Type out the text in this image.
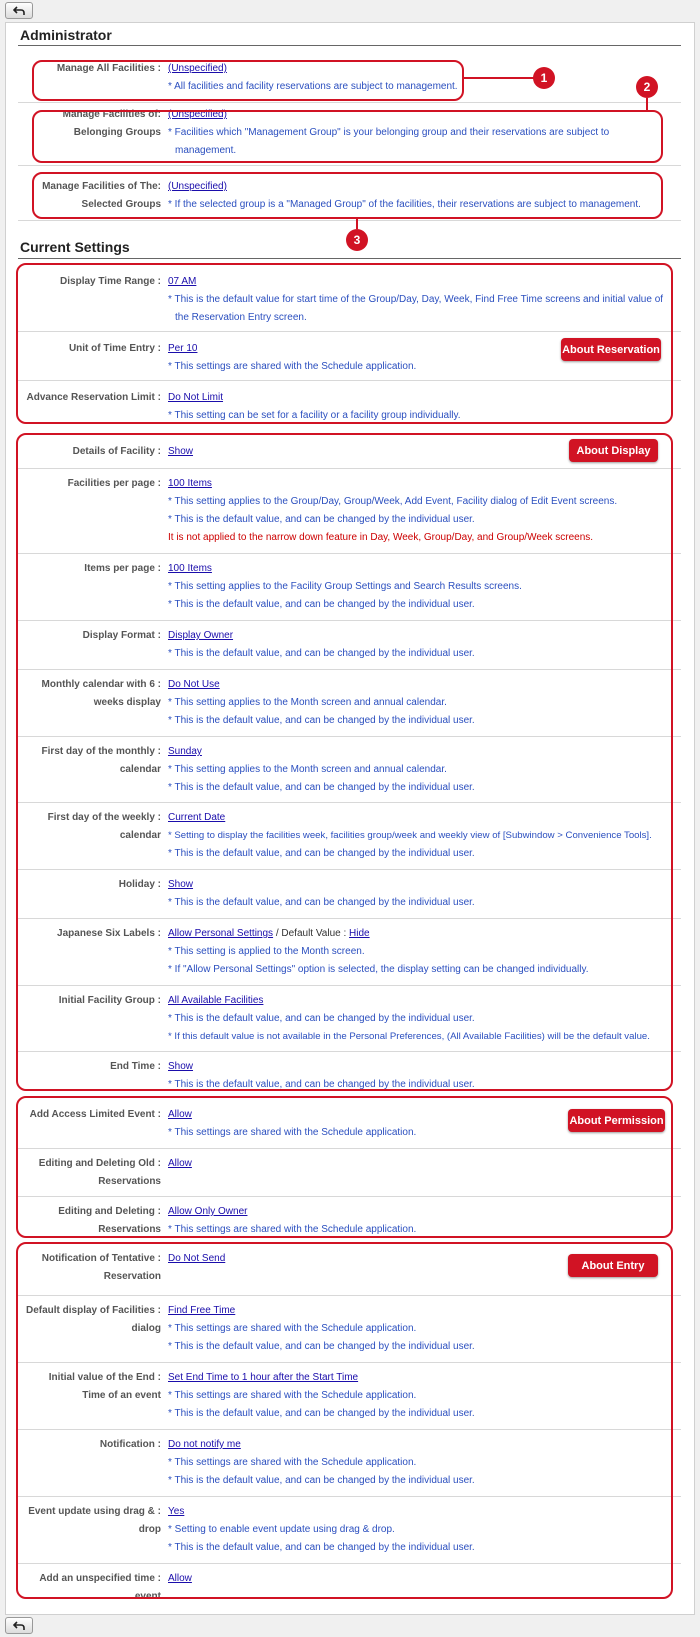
Administrator
Manage All Facilities : (Unspecified)
* All facilities and facility reservations are subject to management.
Manage Facilities of:
Belonging Groups
(Unspecified)
* Facilities which "Management Group" is your belonging group and their reservations are subject to
management.
Manage Facilities of The:
Selected Groups
(Unspecified)
* If the selected group is a "Managed Group" of the facilities, their reservations are subject to management.
1
2
3
Current Settings
Display Time Range : 07 AM
* This is the default value for start time of the Group/Day, Day, Week, Find Free Time screens and initial value of
the Reservation Entry screen.
Unit of Time Entry : Per 10
* This settings are shared with the Schedule application.
Advance Reservation Limit : Do Not Limit
* This setting can be set for a facility or a facility group individually.
About Reservation
Details of Facility : Show
Facilities per page : 100 Items
* This setting applies to the Group/Day, Group/Week, Add Event, Facility dialog of Edit Event screens.
* This is the default value, and can be changed by the individual user.
It is not applied to the narrow down feature in Day, Week, Group/Day, and Group/Week screens.
Items per page : 100 Items
* This setting applies to the Facility Group Settings and Search Results screens.
* This is the default value, and can be changed by the individual user.
Display Format : Display Owner
* This is the default value, and can be changed by the individual user.
Monthly calendar with 6 :
weeks display
Do Not Use
* This setting applies to the Month screen and annual calendar.
* This is the default value, and can be changed by the individual user.
First day of the monthly :
calendar
Sunday
* This setting applies to the Month screen and annual calendar.
* This is the default value, and can be changed by the individual user.
First day of the weekly :
calendar
Current Date
* Setting to display the facilities week, facilities group/week and weekly view of [Subwindow > Convenience Tools].
* This is the default value, and can be changed by the individual user.
Holiday : Show
* This is the default value, and can be changed by the individual user.
Japanese Six Labels : Allow Personal Settings / Default Value : Hide
* This setting is applied to the Month screen.
* If "Allow Personal Settings" option is selected, the display setting can be changed individually.
Initial Facility Group : All Available Facilities
* This is the default value, and can be changed by the individual user.
* If this default value is not available in the Personal Preferences, (All Available Facilities) will be the default value.
End Time : Show
* This is the default value, and can be changed by the individual user.
About Display
Add Access Limited Event : Allow
* This settings are shared with the Schedule application.
Editing and Deleting Old :
Reservations
Allow
Editing and Deleting :
Reservations
Allow Only Owner
* This settings are shared with the Schedule application.
About Permission
Notification of Tentative :
Reservation
Do Not Send
Default display of Facilities :
dialog
Find Free Time
* This settings are shared with the Schedule application.
* This is the default value, and can be changed by the individual user.
Initial value of the End :
Time of an event
Set End Time to 1 hour after the Start Time
* This settings are shared with the Schedule application.
* This is the default value, and can be changed by the individual user.
Notification : Do not notify me
* This settings are shared with the Schedule application.
* This is the default value, and can be changed by the individual user.
Event update using drag & :
drop
Yes
* Setting to enable event update using drag & drop.
* This is the default value, and can be changed by the individual user.
Add an unspecified time :
event
Allow
About Entry
